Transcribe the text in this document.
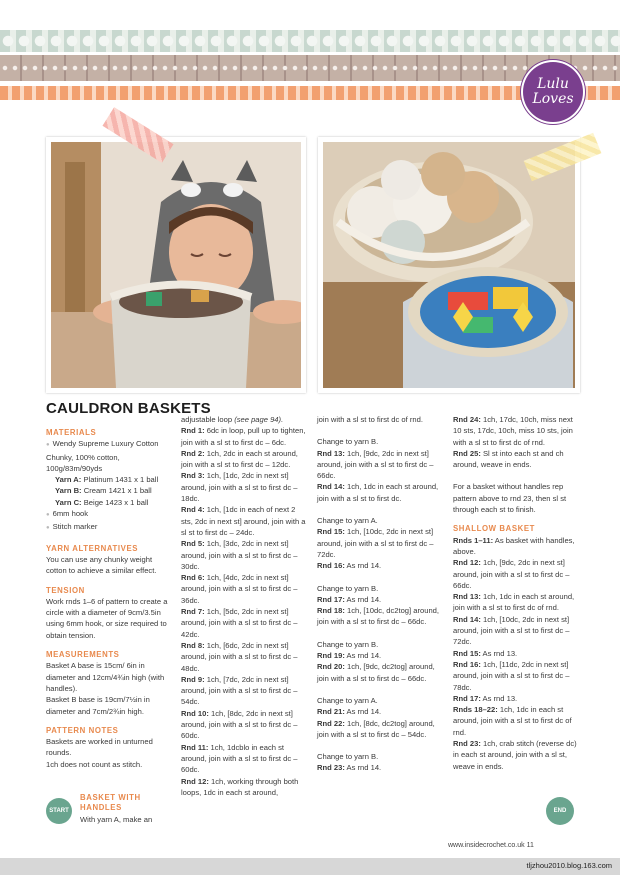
Lulu
Loves
CAULDRON BASKETS
MATERIALS

● Wendy Supreme Luxury Cotton Chunky, 100% cotton, 100g/83m/90yds

Yarn A: Platinum 1431 x 1 ball

Yarn B: Cream 1421 x 1 ball

Yarn C: Beige 1423 x 1 ball

● 6mm hook

● Stitch marker

YARN ALTERNATIVES

You can use any chunky weight cotton to achieve a similar effect.

TENSION

Work rnds 1–6 of pattern to create a circle with a diameter of 9cm/3.5in using 6mm hook, or size required to obtain tension.

MEASUREMENTS

Basket A base is 15cm/ 6in in diameter and 12cm/4¾in high (with handles).

Basket B base is 19cm/7½in in diameter and 7cm/2¾in high.

PATTERN NOTES

Baskets are worked in unturned rounds.

1ch does not count as stitch.

START
BASKET WITH HANDLES
With yarn A, make an

adjustable loop (see page 94).

Rnd 1: 6dc in loop, pull up to tighten, join with a sl st to first dc – 6dc.

Rnd 2: 1ch, 2dc in each st around, join with a sl st to first dc – 12dc.

Rnd 3: 1ch, [1dc, 2dc in next st] around, join with a sl st to first dc – 18dc.

Rnd 4: 1ch, [1dc in each of next 2 sts, 2dc in next st] around, join with a sl st to first dc – 24dc.

Rnd 5: 1ch, [3dc, 2dc in next st] around, join with a sl st to first dc – 30dc.

Rnd 6: 1ch, [4dc, 2dc in next st] around, join with a sl st to first dc – 36dc.

Rnd 7: 1ch, [5dc, 2dc in next st] around, join with a sl st to first dc – 42dc.

Rnd 8: 1ch, [6dc, 2dc in next st] around, join with a sl st to first dc – 48dc.

Rnd 9: 1ch, [7dc, 2dc in next st] around, join with a sl st to first dc – 54dc.

Rnd 10: 1ch, [8dc, 2dc in next st] around, join with a sl st to first dc – 60dc.

Rnd 11: 1ch, 1dcblo in each st around, join with a sl st to first dc – 60dc.

Rnd 12: 1ch, working through both loops, 1dc in each st around,

join with a sl st to first dc of rnd.

Change to yarn B.

Rnd 13: 1ch, [9dc, 2dc in next st] around, join with a sl st to first dc – 66dc.

Rnd 14: 1ch, 1dc in each st around, join with a sl st to first dc.

Change to yarn A.

Rnd 15: 1ch, [10dc, 2dc in next st] around, join with a sl st to first dc – 72dc.

Rnd 16: As rnd 14.

Change to yarn B.

Rnd 17: As rnd 14.

Rnd 18: 1ch, [10dc, dc2tog] around, join with a sl st to first dc – 66dc.

Change to yarn B.

Rnd 19: As rnd 14.

Rnd 20: 1ch, [9dc, dc2tog] around, join with a sl st to first dc – 66dc.

Change to yarn A.

Rnd 21: As rnd 14.

Rnd 22: 1ch, [8dc, dc2tog] around, join with a sl st to first dc – 54dc.

Change to yarn B.

Rnd 23: As rnd 14.

Rnd 24: 1ch, 17dc, 10ch, miss next 10 sts, 17dc, 10ch, miss 10 sts, join with a sl st to first dc of rnd.

Rnd 25: Sl st into each st and ch around, weave in ends.

For a basket without handles rep pattern above to rnd 23, then sl st through each st to finish.

SHALLOW BASKET

Rnds 1–11: As basket with handles, above.

Rnd 12: 1ch, [9dc, 2dc in next st] around, join with a sl st to first dc – 66dc.

Rnd 13: 1ch, 1dc in each st around, join with a sl st to first dc of rnd.

Rnd 14: 1ch, [10dc, 2dc in next st] around, join with a sl st to first dc – 72dc.

Rnd 15: As rnd 13.

Rnd 16: 1ch, [11dc, 2dc in next st] around, join with a sl st to first dc – 78dc.

Rnd 17: As rnd 13.

Rnds 18–22: 1ch, 1dc in each st around, join with a sl st to first dc of rnd.

Rnd 23: 1ch, crab stitch (reverse dc) in each st around, join with a sl st, weave in ends.

END
www.insidecrochet.co.uk 11
tljzhou2010.blog.163.com
